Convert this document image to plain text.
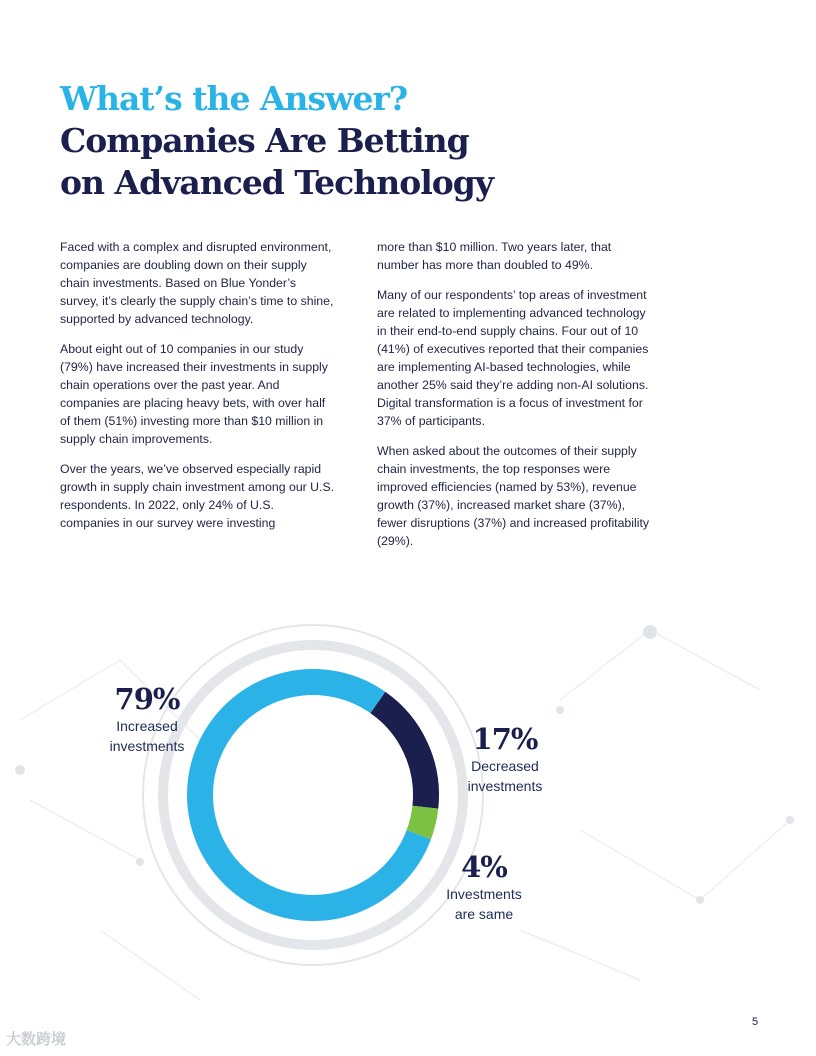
What’s the Answer?
Companies Are Betting
on Advanced Technology

Faced with a complex and disrupted environment, companies are doubling down on their supply chain investments. Based on Blue Yonder’s survey, it’s clearly the supply chain’s time to shine, supported by advanced technology.

About eight out of 10 companies in our study (79%) have increased their investments in supply chain operations over the past year. And companies are placing heavy bets, with over half of them (51%) investing more than $10 million in supply chain improvements.

Over the years, we’ve observed especially rapid growth in supply chain investment among our U.S. respondents. In 2022, only 24% of U.S. companies in our survey were investing

more than $10 million. Two years later, that number has more than doubled to 49%.

Many of our respondents’ top areas of investment are related to implementing advanced technology in their end-to-end supply chains. Four out of 10 (41%) of executives reported that their companies are implementing AI-based technologies, while another 25% said they’re adding non-AI solutions. Digital transformation is a focus of investment for 37% of participants.

When asked about the outcomes of their supply chain investments, the top responses were improved efficiencies (named by 53%), revenue growth (37%), increased market share (37%), fewer disruptions (37%) and increased profitability (29%).

79%
Increased
investments	17%
Decreased
investments
4%
Investments
are same
5
大数跨境
